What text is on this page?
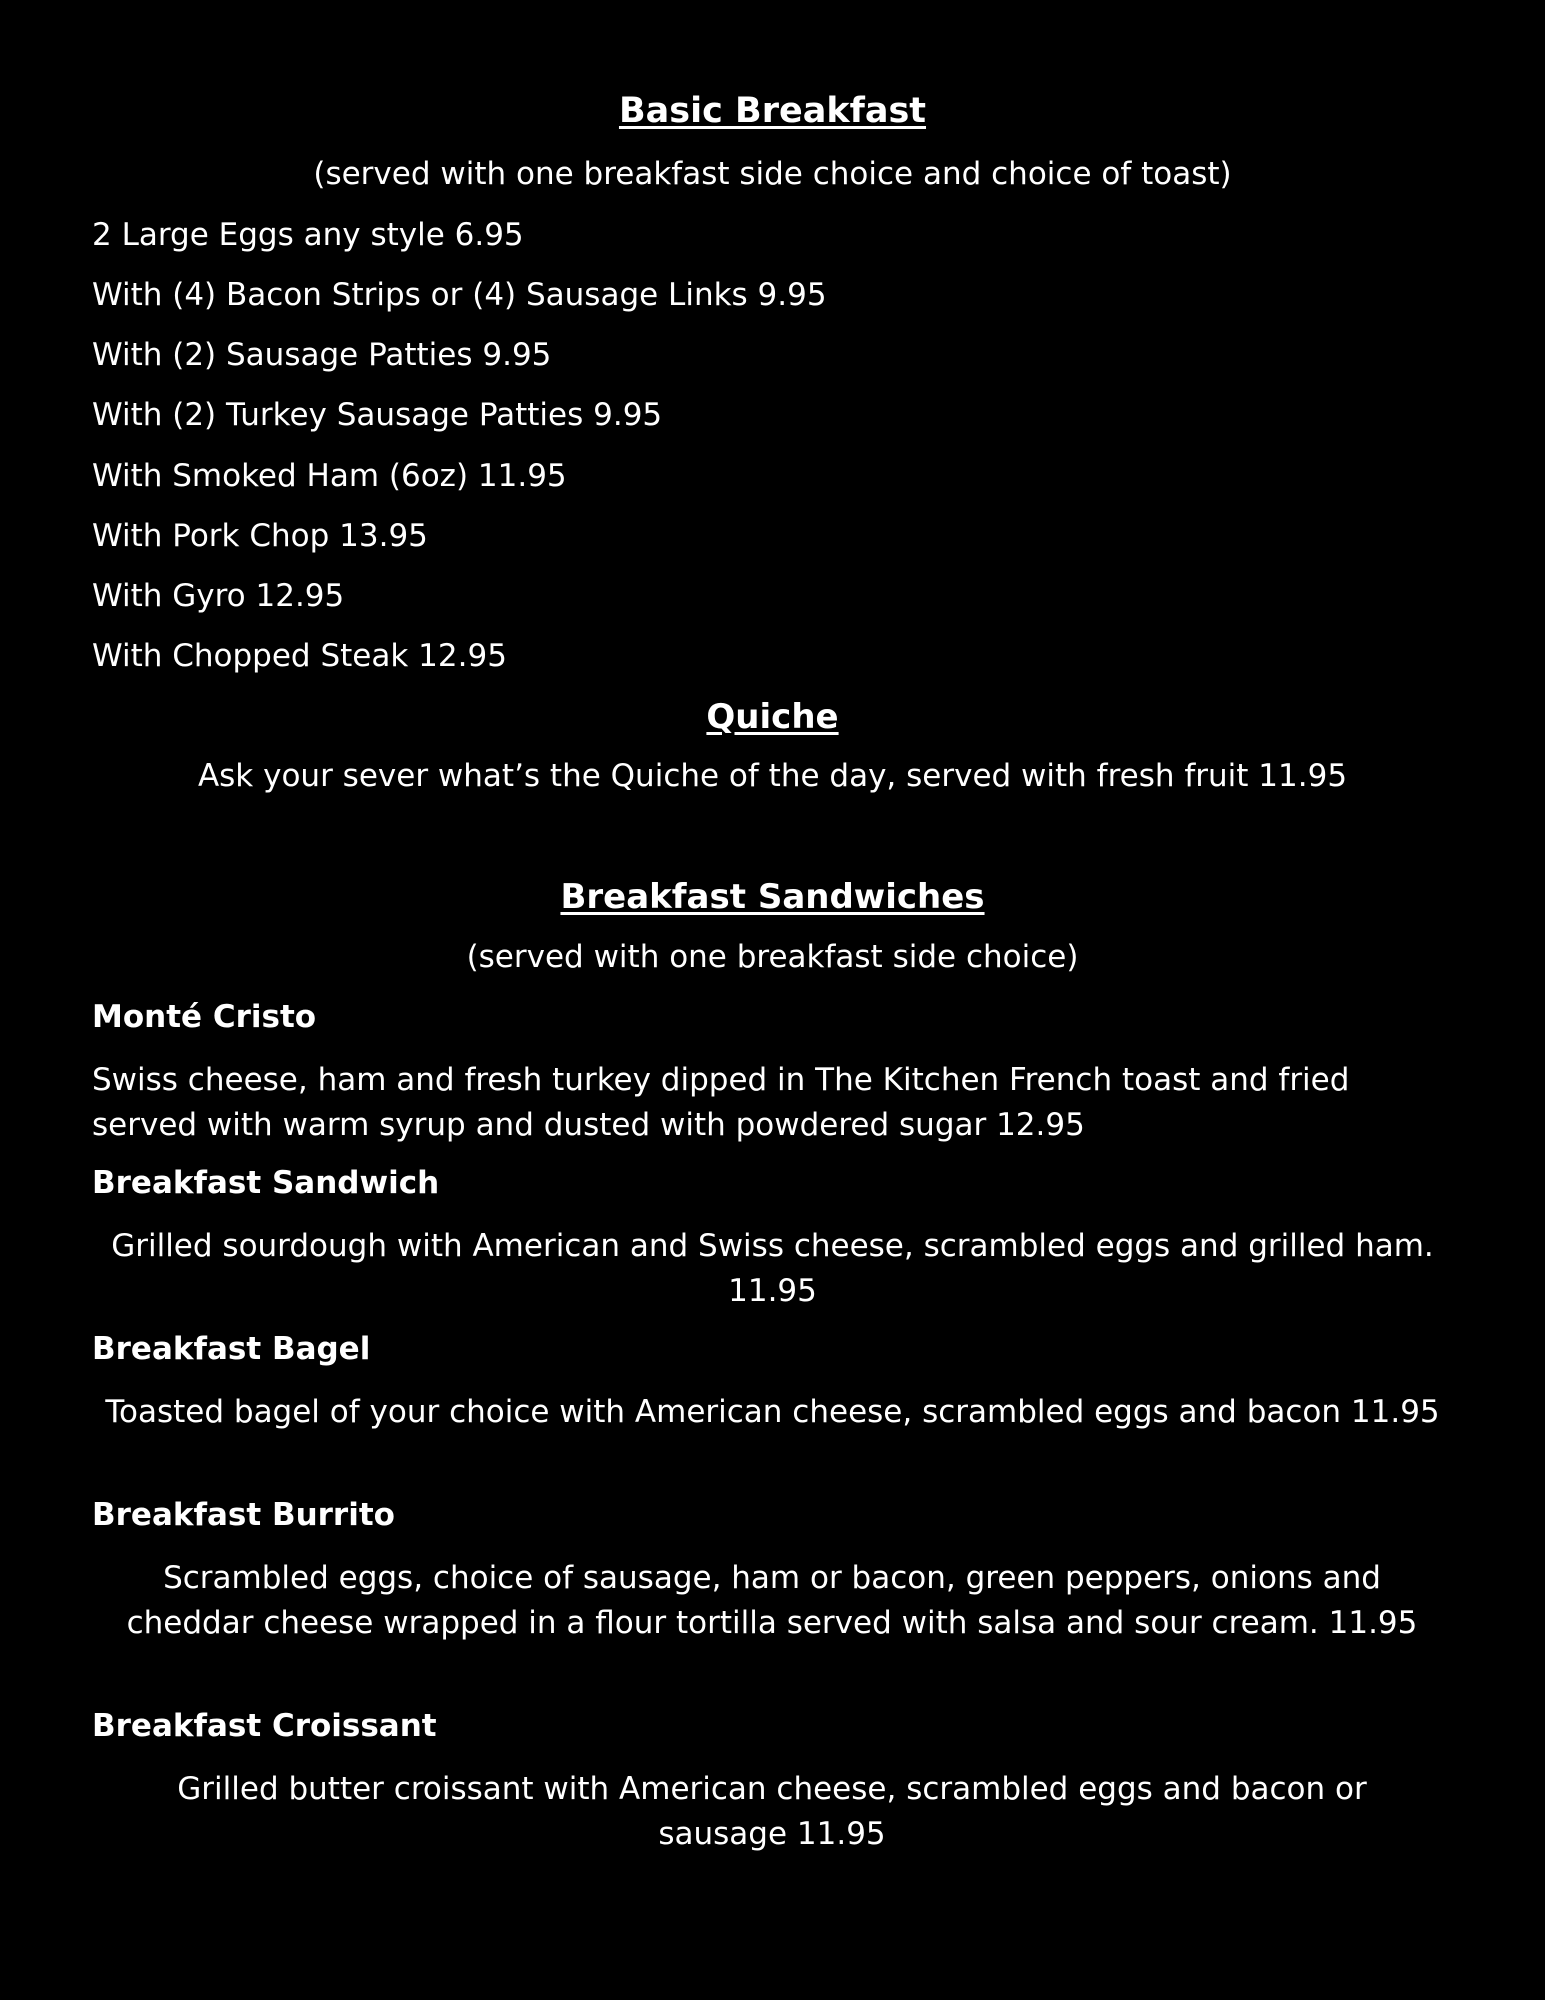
Basic Breakfast
(served with one breakfast side choice and choice of toast)
2 Large Eggs any style 6.95
With (4) Bacon Strips or (4) Sausage Links 9.95
With (2) Sausage Patties 9.95
With (2) Turkey Sausage Patties 9.95
With Smoked Ham (6oz) 11.95
With Pork Chop 13.95
With Gyro 12.95
With Chopped Steak 12.95
Quiche
Ask your sever what’s the Quiche of the day, served with fresh fruit 11.95
Breakfast Sandwiches
(served with one breakfast side choice)
Monté Cristo
Swiss cheese, ham and fresh turkey dipped in The Kitchen French toast and fried served with warm syrup and dusted with powdered sugar 12.95
Breakfast Sandwich
Grilled sourdough with American and Swiss cheese, scrambled eggs and grilled ham. 11.95
Breakfast Bagel
Toasted bagel of your choice with American cheese, scrambled eggs and bacon 11.95
Breakfast Burrito
Scrambled eggs, choice of sausage, ham or bacon, green peppers, onions and cheddar cheese wrapped in a flour tortilla served with salsa and sour cream. 11.95
Breakfast Croissant
Grilled butter croissant with American cheese, scrambled eggs and bacon or sausage 11.95
